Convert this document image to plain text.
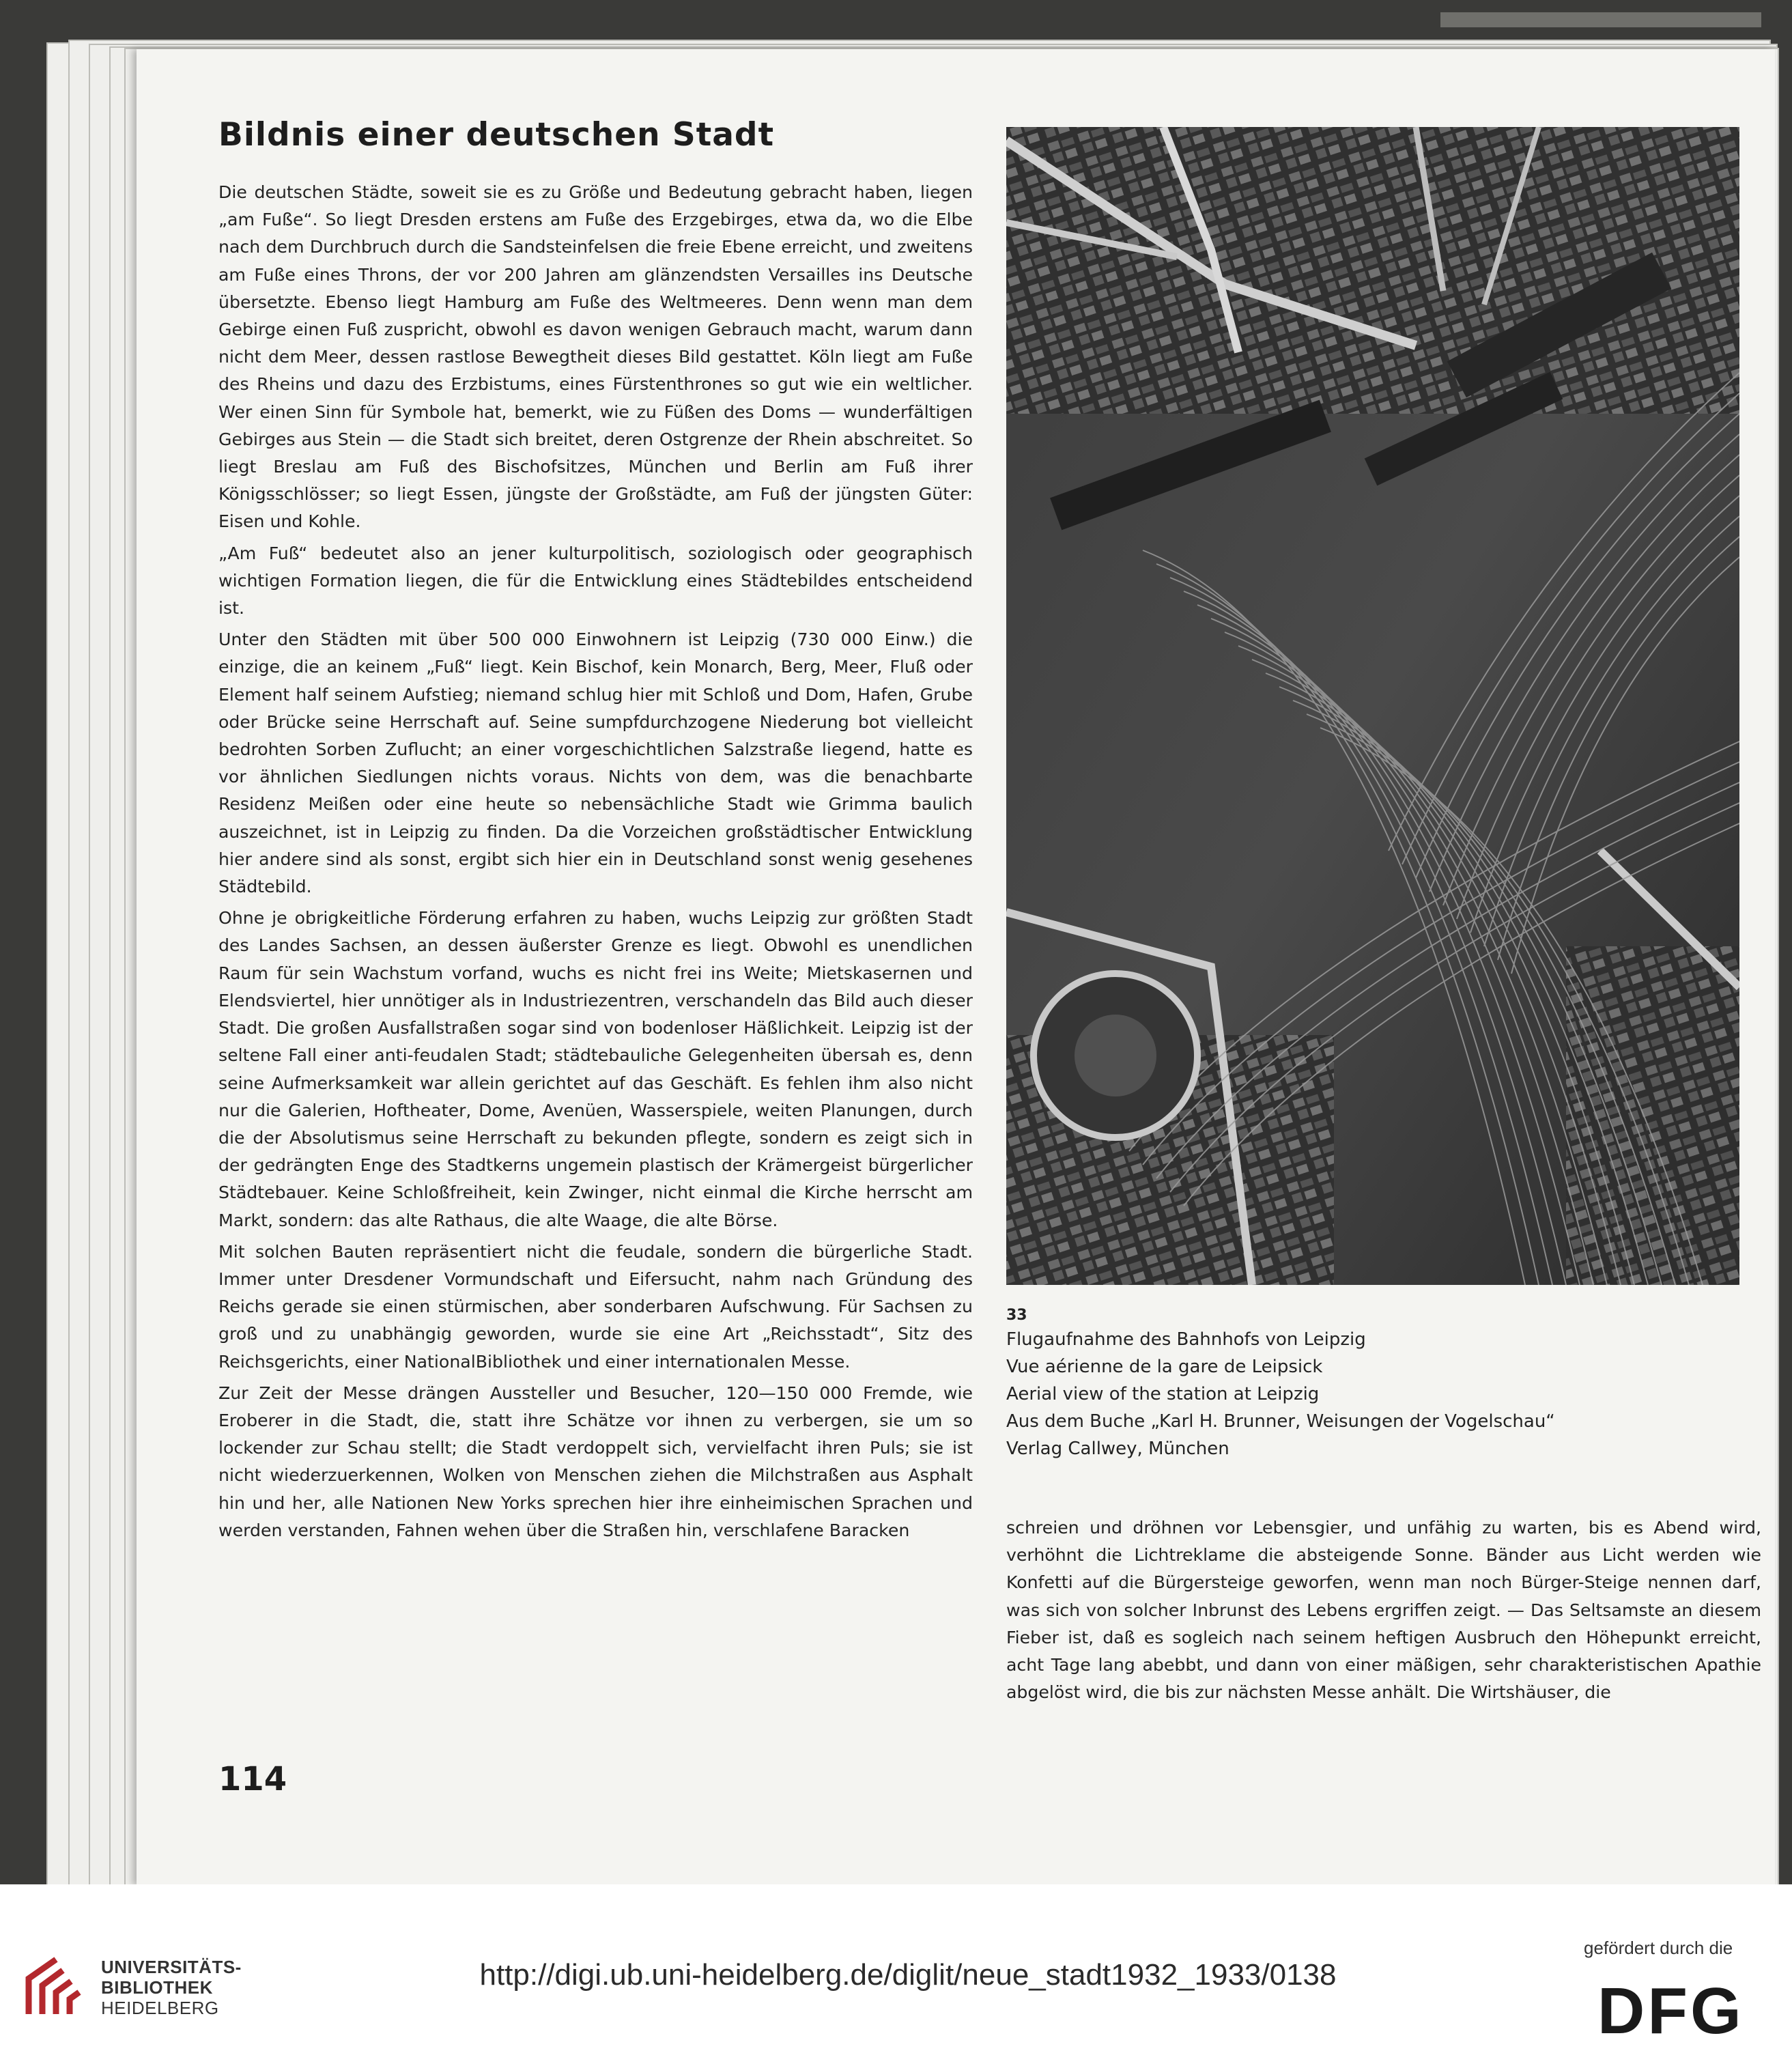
Bildnis einer deutschen Stadt

Die deutschen Städte, soweit sie es zu Größe und Bedeutung gebracht haben, liegen „am Fuße“. So liegt Dresden erstens am Fuße des Erzgebirges, etwa da, wo die Elbe nach dem Durchbruch durch die Sandsteinfelsen die freie Ebene erreicht, und zweitens am Fuße eines Throns, der vor 200 Jahren am glänzendsten Versailles ins Deutsche übersetzte. Ebenso liegt Hamburg am Fuße des Weltmeeres. Denn wenn man dem Gebirge einen Fuß zuspricht, obwohl es davon wenigen Gebrauch macht, warum dann nicht dem Meer, dessen rastlose Bewegtheit dieses Bild gestattet. Köln liegt am Fuße des Rheins und dazu des Erzbistums, eines Fürstenthrones so gut wie ein weltlicher. Wer einen Sinn für Symbole hat, bemerkt, wie zu Füßen des Doms — wunderfältigen Gebirges aus Stein — die Stadt sich breitet, deren Ostgrenze der Rhein abschreitet. So liegt Breslau am Fuß des Bischofsitzes, München und Berlin am Fuß ihrer Königsschlösser; so liegt Essen, jüngste der Großstädte, am Fuß der jüngsten Güter: Eisen und Kohle.

„Am Fuß“ bedeutet also an jener kulturpolitisch, soziologisch oder geographisch wichtigen Formation liegen, die für die Entwicklung eines Städtebildes entscheidend ist.

Unter den Städten mit über 500 000 Einwohnern ist Leipzig (730 000 Einw.) die einzige, die an keinem „Fuß“ liegt. Kein Bischof, kein Monarch, Berg, Meer, Fluß oder Element half seinem Aufstieg; niemand schlug hier mit Schloß und Dom, Hafen, Grube oder Brücke seine Herrschaft auf. Seine sumpfdurchzogene Niederung bot vielleicht bedrohten Sorben Zuflucht; an einer vorgeschichtlichen Salzstraße liegend, hatte es vor ähnlichen Siedlungen nichts voraus. Nichts von dem, was die benachbarte Residenz Meißen oder eine heute so nebensächliche Stadt wie Grimma baulich auszeichnet, ist in Leipzig zu finden. Da die Vorzeichen großstädtischer Entwicklung hier andere sind als sonst, ergibt sich hier ein in Deutschland sonst wenig gesehenes Städtebild.

Ohne je obrigkeitliche Förderung erfahren zu haben, wuchs Leipzig zur größten Stadt des Landes Sachsen, an dessen äußerster Grenze es liegt. Obwohl es unendlichen Raum für sein Wachstum vorfand, wuchs es nicht frei ins Weite; Mietskasernen und Elendsviertel, hier unnötiger als in Industriezentren, verschandeln das Bild auch dieser Stadt. Die großen Ausfallstraßen sogar sind von bodenloser Häßlichkeit. Leipzig ist der seltene Fall einer anti-feudalen Stadt; städtebauliche Gelegenheiten übersah es, denn seine Aufmerksamkeit war allein gerichtet auf das Geschäft. Es fehlen ihm also nicht nur die Galerien, Hoftheater, Dome, Avenüen, Wasserspiele, weiten Planungen, durch die der Absolutismus seine Herrschaft zu bekunden pflegte, sondern es zeigt sich in der gedrängten Enge des Stadtkerns ungemein plastisch der Krämergeist bürgerlicher Städtebauer. Keine Schloßfreiheit, kein Zwinger, nicht einmal die Kirche herrscht am Markt, sondern: das alte Rathaus, die alte Waage, die alte Börse.

Mit solchen Bauten repräsentiert nicht die feudale, sondern die bürgerliche Stadt. Immer unter Dresdener Vormundschaft und Eifersucht, nahm nach Gründung des Reichs gerade sie einen stürmischen, aber sonderbaren Aufschwung. Für Sachsen zu groß und zu unabhängig geworden, wurde sie eine Art „Reichsstadt“, Sitz des Reichsgerichts, einer NationalBibliothek und einer internationalen Messe.

Zur Zeit der Messe drängen Aussteller und Besucher, 120—150 000 Fremde, wie Eroberer in die Stadt, die, statt ihre Schätze vor ihnen zu verbergen, sie um so lockender zur Schau stellt; die Stadt verdoppelt sich, vervielfacht ihren Puls; sie ist nicht wiederzuerkennen, Wolken von Menschen ziehen die Milchstraßen aus Asphalt hin und her, alle Nationen New Yorks sprechen hier ihre einheimischen Sprachen und werden verstanden, Fahnen wehen über die Straßen hin, verschlafene Baracken

33
Flugaufnahme des Bahnhofs von Leipzig
Vue aérienne de la gare de Leipsick
Aerial view of the station at Leipzig
Aus dem Buche „Karl H. Brunner, Weisungen der Vogelschau“
Verlag Callwey, München

schreien und dröhnen vor Lebensgier, und unfähig zu warten, bis es Abend wird, verhöhnt die Lichtreklame die absteigende Sonne. Bänder aus Licht werden wie Konfetti auf die Bürgersteige geworfen, wenn man noch Bürger-Steige nennen darf, was sich von solcher Inbrunst des Lebens ergriffen zeigt. — Das Seltsamste an diesem Fieber ist, daß es sogleich nach seinem heftigen Ausbruch den Höhepunkt erreicht, acht Tage lang abebbt, und dann von einer mäßigen, sehr charakteristischen Apathie abgelöst wird, die bis zur nächsten Messe anhält. Die Wirtshäuser, die

114
UNIVERSITÄTS-
BIBLIOTHEK
HEIDELBERG
http://digi.ub.uni-heidelberg.de/diglit/neue_stadt1932_1933/0138
gefördert durch die
DFG
